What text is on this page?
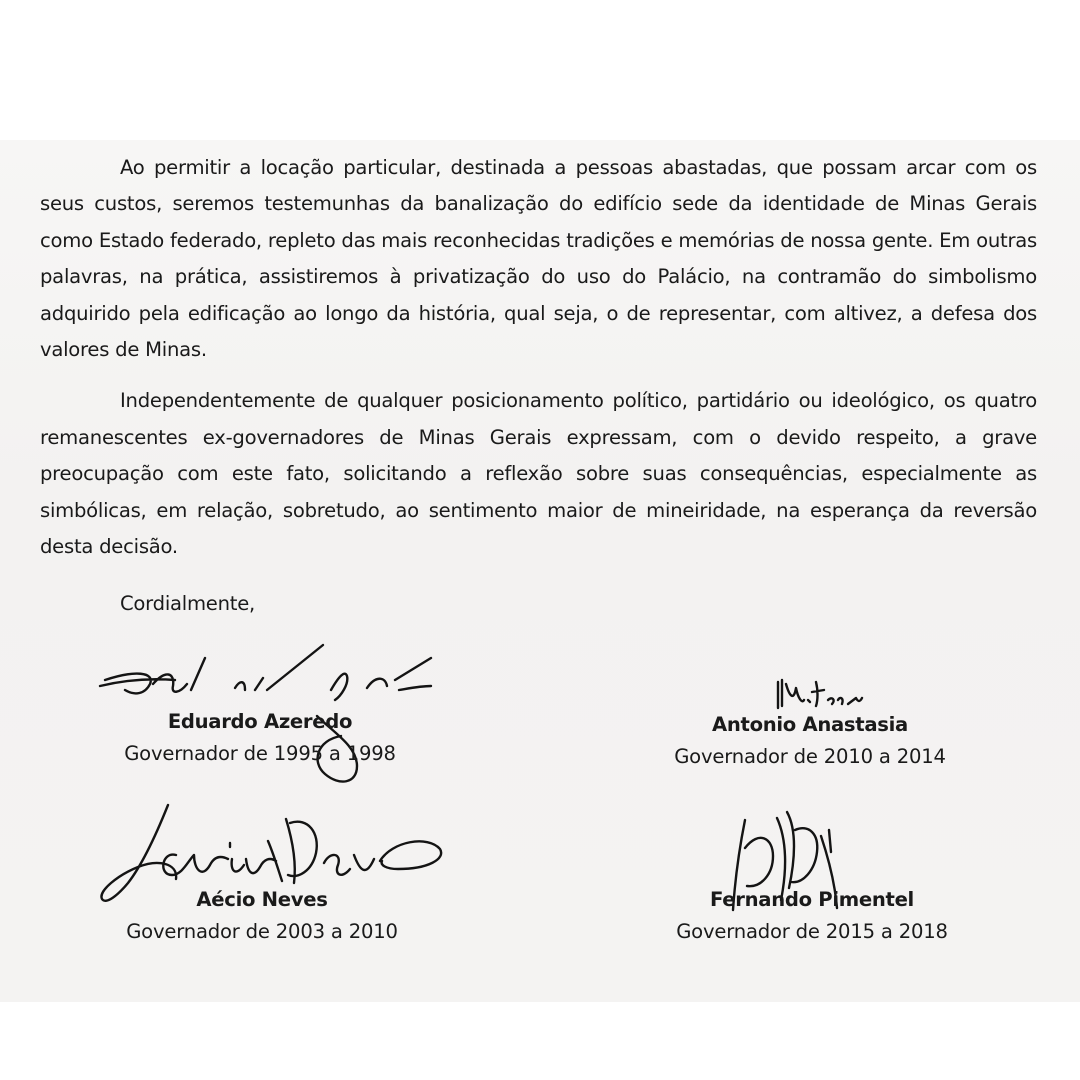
Ao permitir a locação particular, destinada a pessoas abastadas, que possam arcar com os seus custos, seremos testemunhas da banalização do edifício sede da identidade de Minas Gerais como Estado federado, repleto das mais reconhecidas tradições e memórias de nossa gente. Em outras palavras, na prática, assistiremos à privatização do uso do Palácio, na contramão do simbolismo adquirido pela edificação ao longo da história, qual seja, o de representar, com altivez, a defesa dos valores de Minas.

Independentemente de qualquer posicionamento político, partidário ou ideológico, os quatro remanescentes ex-governadores de Minas Gerais expressam, com o devido respeito, a grave preocupação com este fato, solicitando a reflexão sobre suas consequências, especialmente as simbólicas, em relação, sobretudo, ao sentimento maior de mineiridade, na esperança da reversão desta decisão.

Cordialmente,
Eduardo Azeredo
Governador de 1995 a 1998
Antonio Anastasia
Governador de 2010 a 2014
Aécio Neves
Governador de 2003 a 2010
Fernando Pimentel
Governador de 2015 a 2018
